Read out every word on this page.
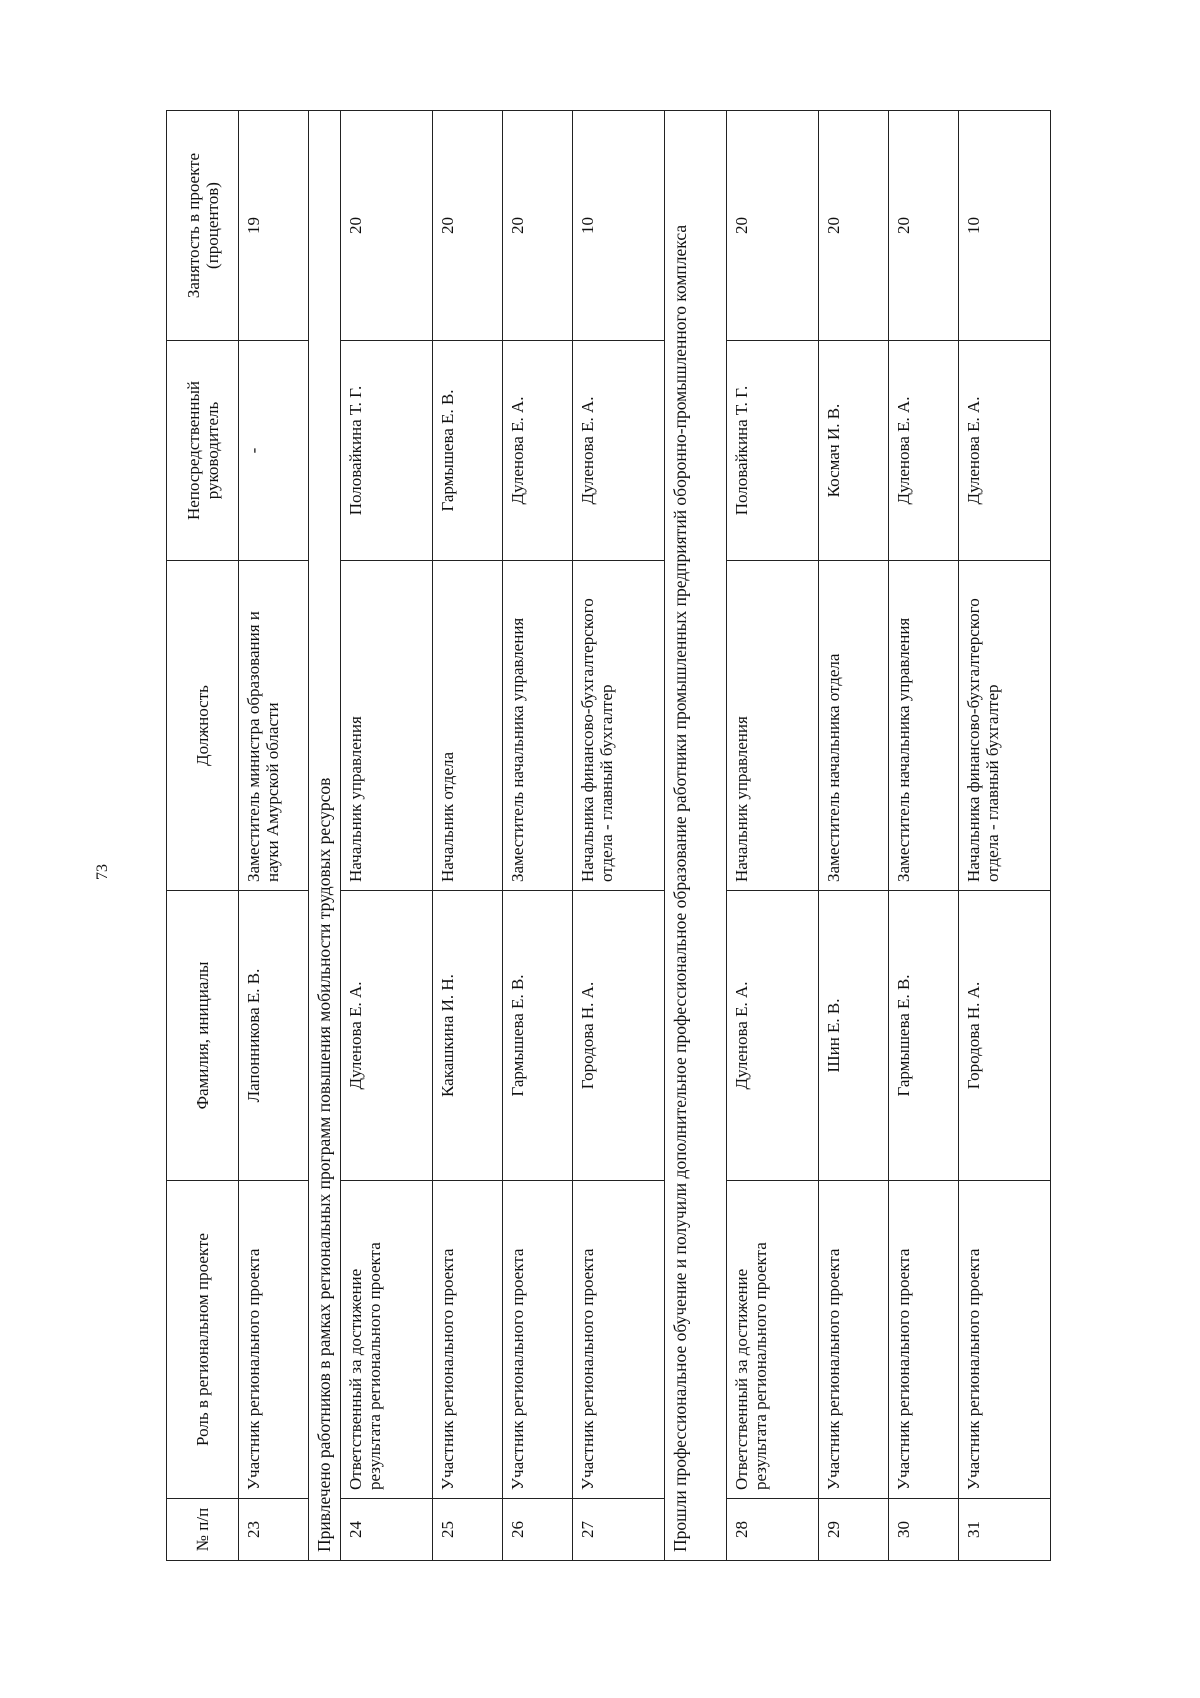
73
№ п/п	Роль в региональном проекте	Фамилия, инициалы	Должность	Непосредственный руководитель	Занятость в проекте (процентов)
23	Участник регионального проекта	Лапонникова Е. В.	Заместитель министра образования и науки Амурской области	-	19
Привлечено работников в рамках региональных программ повышения мобильности трудовых ресурсов					
24	Ответственный за достижение результата регионального проекта	Дуленова Е. А.	Начальник управления	Половайкина Т. Г.	20
25	Участник регионального проекта	Какашкина И. Н.	Начальник отдела	Гармышева Е. В.	20
26	Участник регионального проекта	Гармышева Е. В.	Заместитель начальника управления	Дуленова Е. А.	20
27	Участник регионального проекта	Городова Н. А.	Начальника финансово-бухгалтерского отдела - главный бухгалтер	Дуленова Е. А.	10
Прошли профессиональное обучение и получили дополнительное профессиональное образование работники промышленных предприятий оборонно-промышленного комплекса					
28	Ответственный за достижение результата регионального проекта	Дуленова Е. А.	Начальник управления	Половайкина Т. Г.	20
29	Участник регионального проекта	Шин Е. В.	Заместитель начальника отдела	Космач И. В.	20
30	Участник регионального проекта	Гармышева Е. В.	Заместитель начальника управления	Дуленова Е. А.	20
31	Участник регионального проекта	Городова Н. А.	Начальника финансово-бухгалтерского отдела - главный бухгалтер	Дуленова Е. А.	10
